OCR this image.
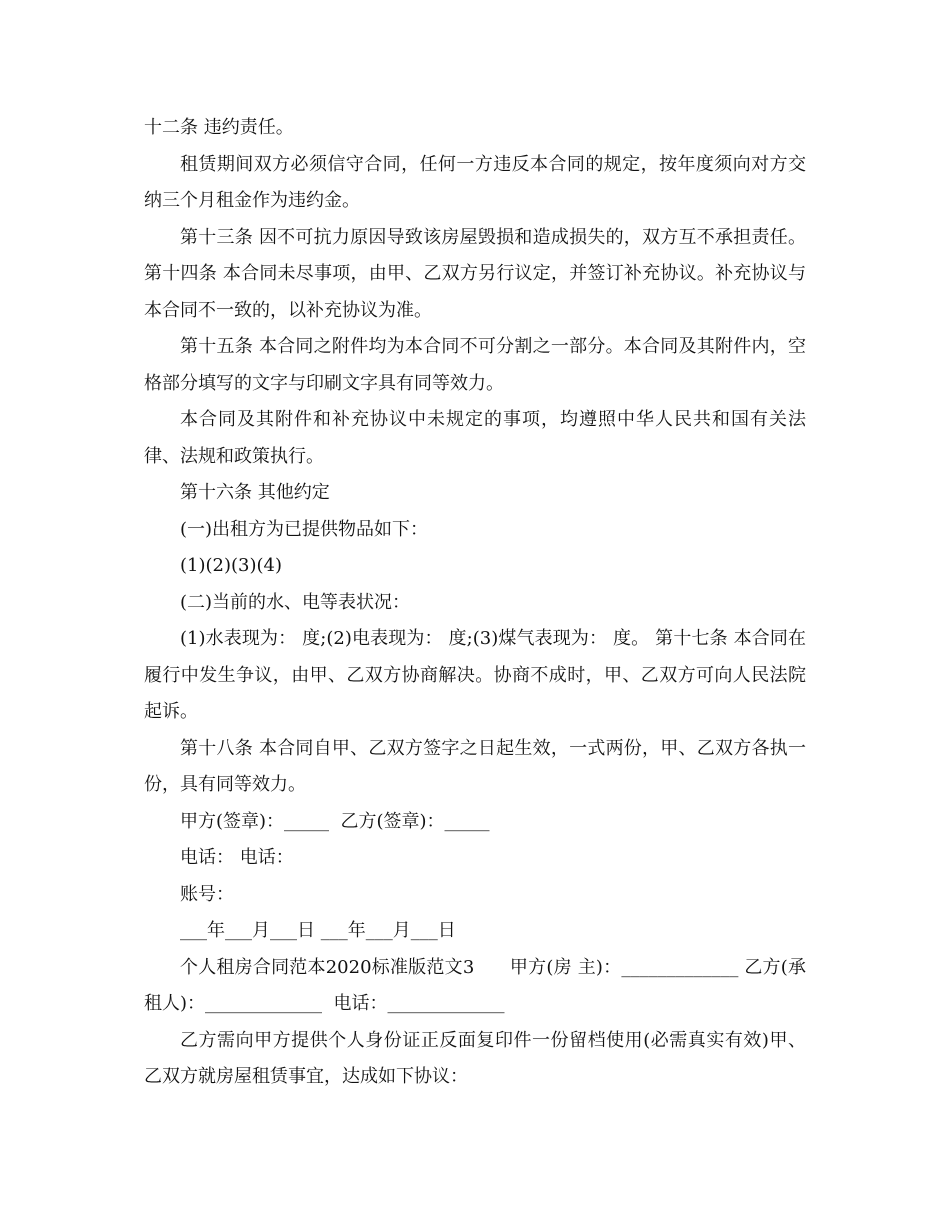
十二条 违约责任。

租赁期间双方必须信守合同，任何一方违反本合同的规定，按年度须向对方交纳三个月租金作为违约金。

第十三条 因不可抗力原因导致该房屋毁损和造成损失的，双方互不承担责任。 第十四条 本合同未尽事项，由甲、乙双方另行议定，并签订补充协议。补充协议与本合同不一致的，以补充协议为准。

第十五条 本合同之附件均为本合同不可分割之一部分。本合同及其附件内，空格部分填写的文字与印刷文字具有同等效力。

本合同及其附件和补充协议中未规定的事项，均遵照中华人民共和国有关法律、法规和政策执行。

第十六条 其他约定

(一)出租方为已提供物品如下：

(1)(2)(3)(4)

(二)当前的水、电等表状况：

(1)水表现为： 度;(2)电表现为： 度;(3)煤气表现为： 度。 第十七条 本合同在履行中发生争议，由甲、乙双方协商解决。协商不成时，甲、乙双方可向人民法院起诉。

第十八条 本合同自甲、乙双方签字之日起生效，一式两份，甲、乙双方各执一份，具有同等效力。

甲方(签章)：_____  乙方(签章)：_____

电话： 电话：

账号：

___年___月___日 ___年___月___日

个人租房合同范本2020标准版范文3      甲方(房 主)：_____________ 乙方(承租人)：_____________  电话：_____________

乙方需向甲方提供个人身份证正反面复印件一份留档使用(必需真实有效)甲、乙双方就房屋租赁事宜，达成如下协议：
